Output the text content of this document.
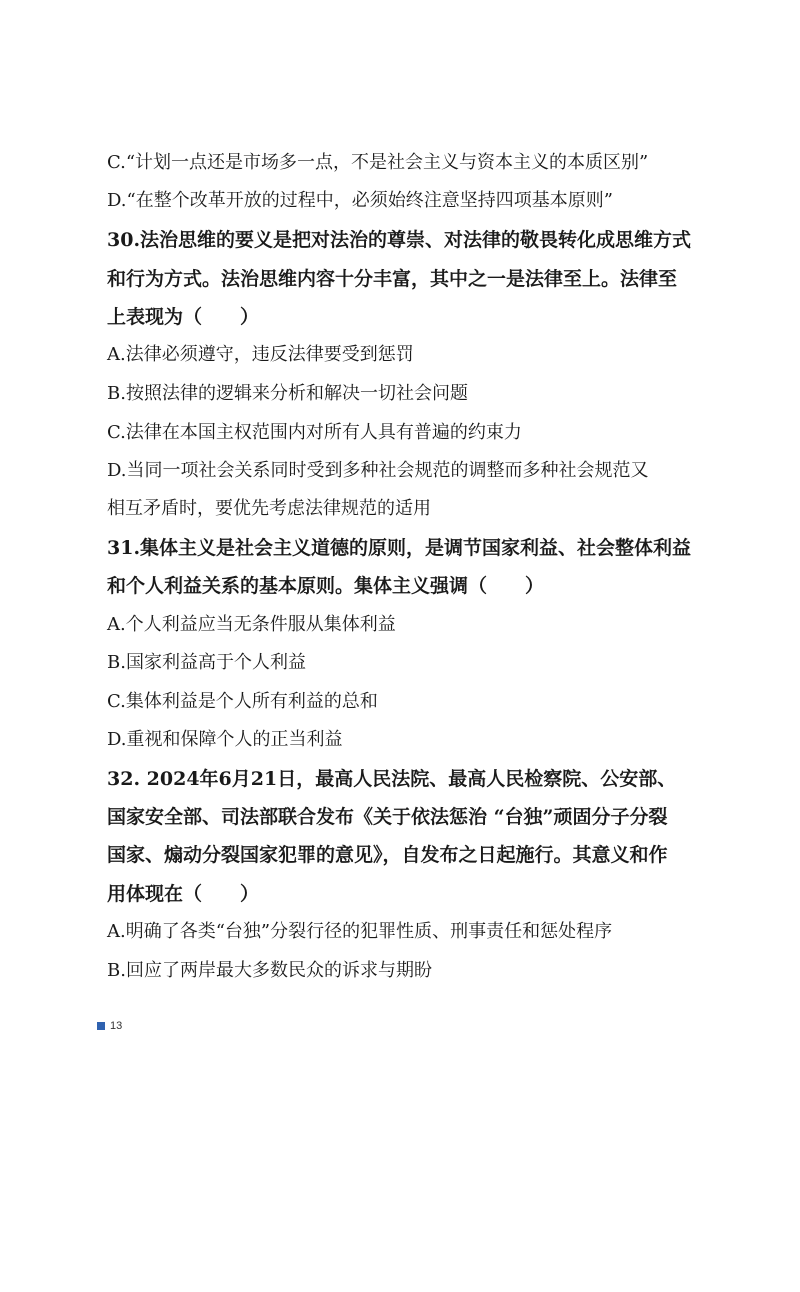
C.“计划一点还是市场多一点，不是社会主义与资本主义的本质区别”
D.“在整个改革开放的过程中，必须始终注意坚持四项基本原则”
30.法治思维的要义是把对法治的尊崇、对法律的敬畏转化成思维方式
和行为方式。法治思维内容十分丰富，其中之一是法律至上。法律至
上表现为（　　）
A.法律必须遵守，违反法律要受到惩罚
B.按照法律的逻辑来分析和解决一切社会问题
C.法律在本国主权范围内对所有人具有普遍的约束力
D.当同一项社会关系同时受到多种社会规范的调整而多种社会规范又
相互矛盾时，要优先考虑法律规范的适用
31.集体主义是社会主义道德的原则，是调节国家利益、社会整体利益
和个人利益关系的基本原则。集体主义强调（　　）
A.个人利益应当无条件服从集体利益
B.国家利益高于个人利益
C.集体利益是个人所有利益的总和
D.重视和保障个人的正当利益
32. 2024年6月21日，最高人民法院、最高人民检察院、公安部、
国家安全部、司法部联合发布《关于依法惩治 “台独”顽固分子分裂
国家、煽动分裂国家犯罪的意见》，自发布之日起施行。其意义和作
用体现在（　　）
A.明确了各类“台独”分裂行径的犯罪性质、刑事责任和惩处程序
B.回应了两岸最大多数民众的诉求与期盼
13
